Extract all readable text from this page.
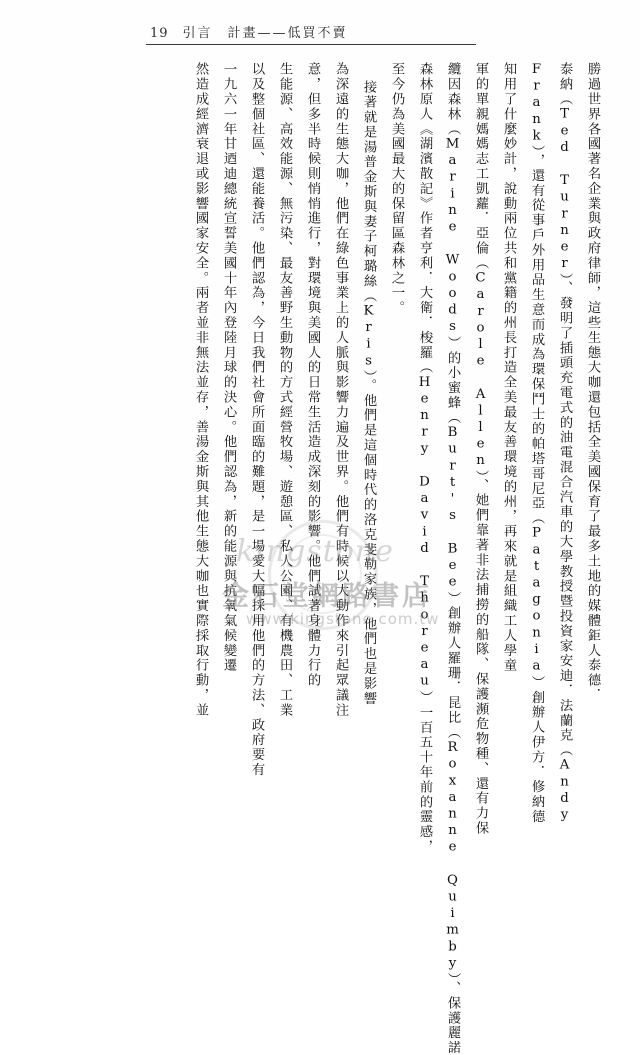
19 引言　計畫——低買不賣
勝過世界各國著名企業與政府律師，這些生態大咖還包括全美國保育了最多土地的媒體鉅人泰德．
泰納（Ted Turner）、發明了插頭充電式的油電混合汽車的大學教授暨投資家安迪．法蘭克（Andy
Frank），還有從事戶外用品生意而成為環保鬥士的帕塔哥尼亞（Patagonia）創辦人伊方．修納德
知用了什麼妙計，說動兩位共和黨籍的州長打造全美最友善環境的州，再來就是組織工人學童
軍的單親媽媽志工凱蘿．亞倫（Carole Allen）、她們靠著非法捕撈的船隊、保護瀕危物種、還有力保
纜因森林（Marine Woods）的小蜜蜂（Burt's Bee）創辦人羅珊．昆比（Roxanne Quimby）、保護麗諾
森林原人《湖濱散記》作者亨利．大衛．梭羅（Henry David Thoreau）一百五十年前的靈感，
至今仍為美國最大的保留區森林之一。
接著就是湯普金斯與妻子柯璐絲（Kris）。他們是這個時代的洛克斐勒家族，他們也是影響
為深遠的生態大咖，他們在綠色事業上的人脈與影響力遍及世界。他們有時候以大動作來引起眾議注
意，但多半時候則悄悄進行，對環境與美國人的日常生活造成深刻的影響。他們試著身體力行的
生能源、高效能源、無污染、最友善野生動物的方式經營牧場、遊憩區、私人公園、有機農田、工業
以及整個社區、還能養活。他們認為，今日我們社會所面臨的難題，是一場愛大幅採用他們的方法、政府要有
一九六一年甘迺迪總統宣誓美國十年內登陸月球的決心。他們認為，新的能源與抗氧氣候變遷
然造成經濟衰退或影響國家安全。兩者並非無法並存，善湯金斯與其他生態大咖也實際採取行動，並 kingstone
金石堂網路書店
www.kingstone.com.tw
